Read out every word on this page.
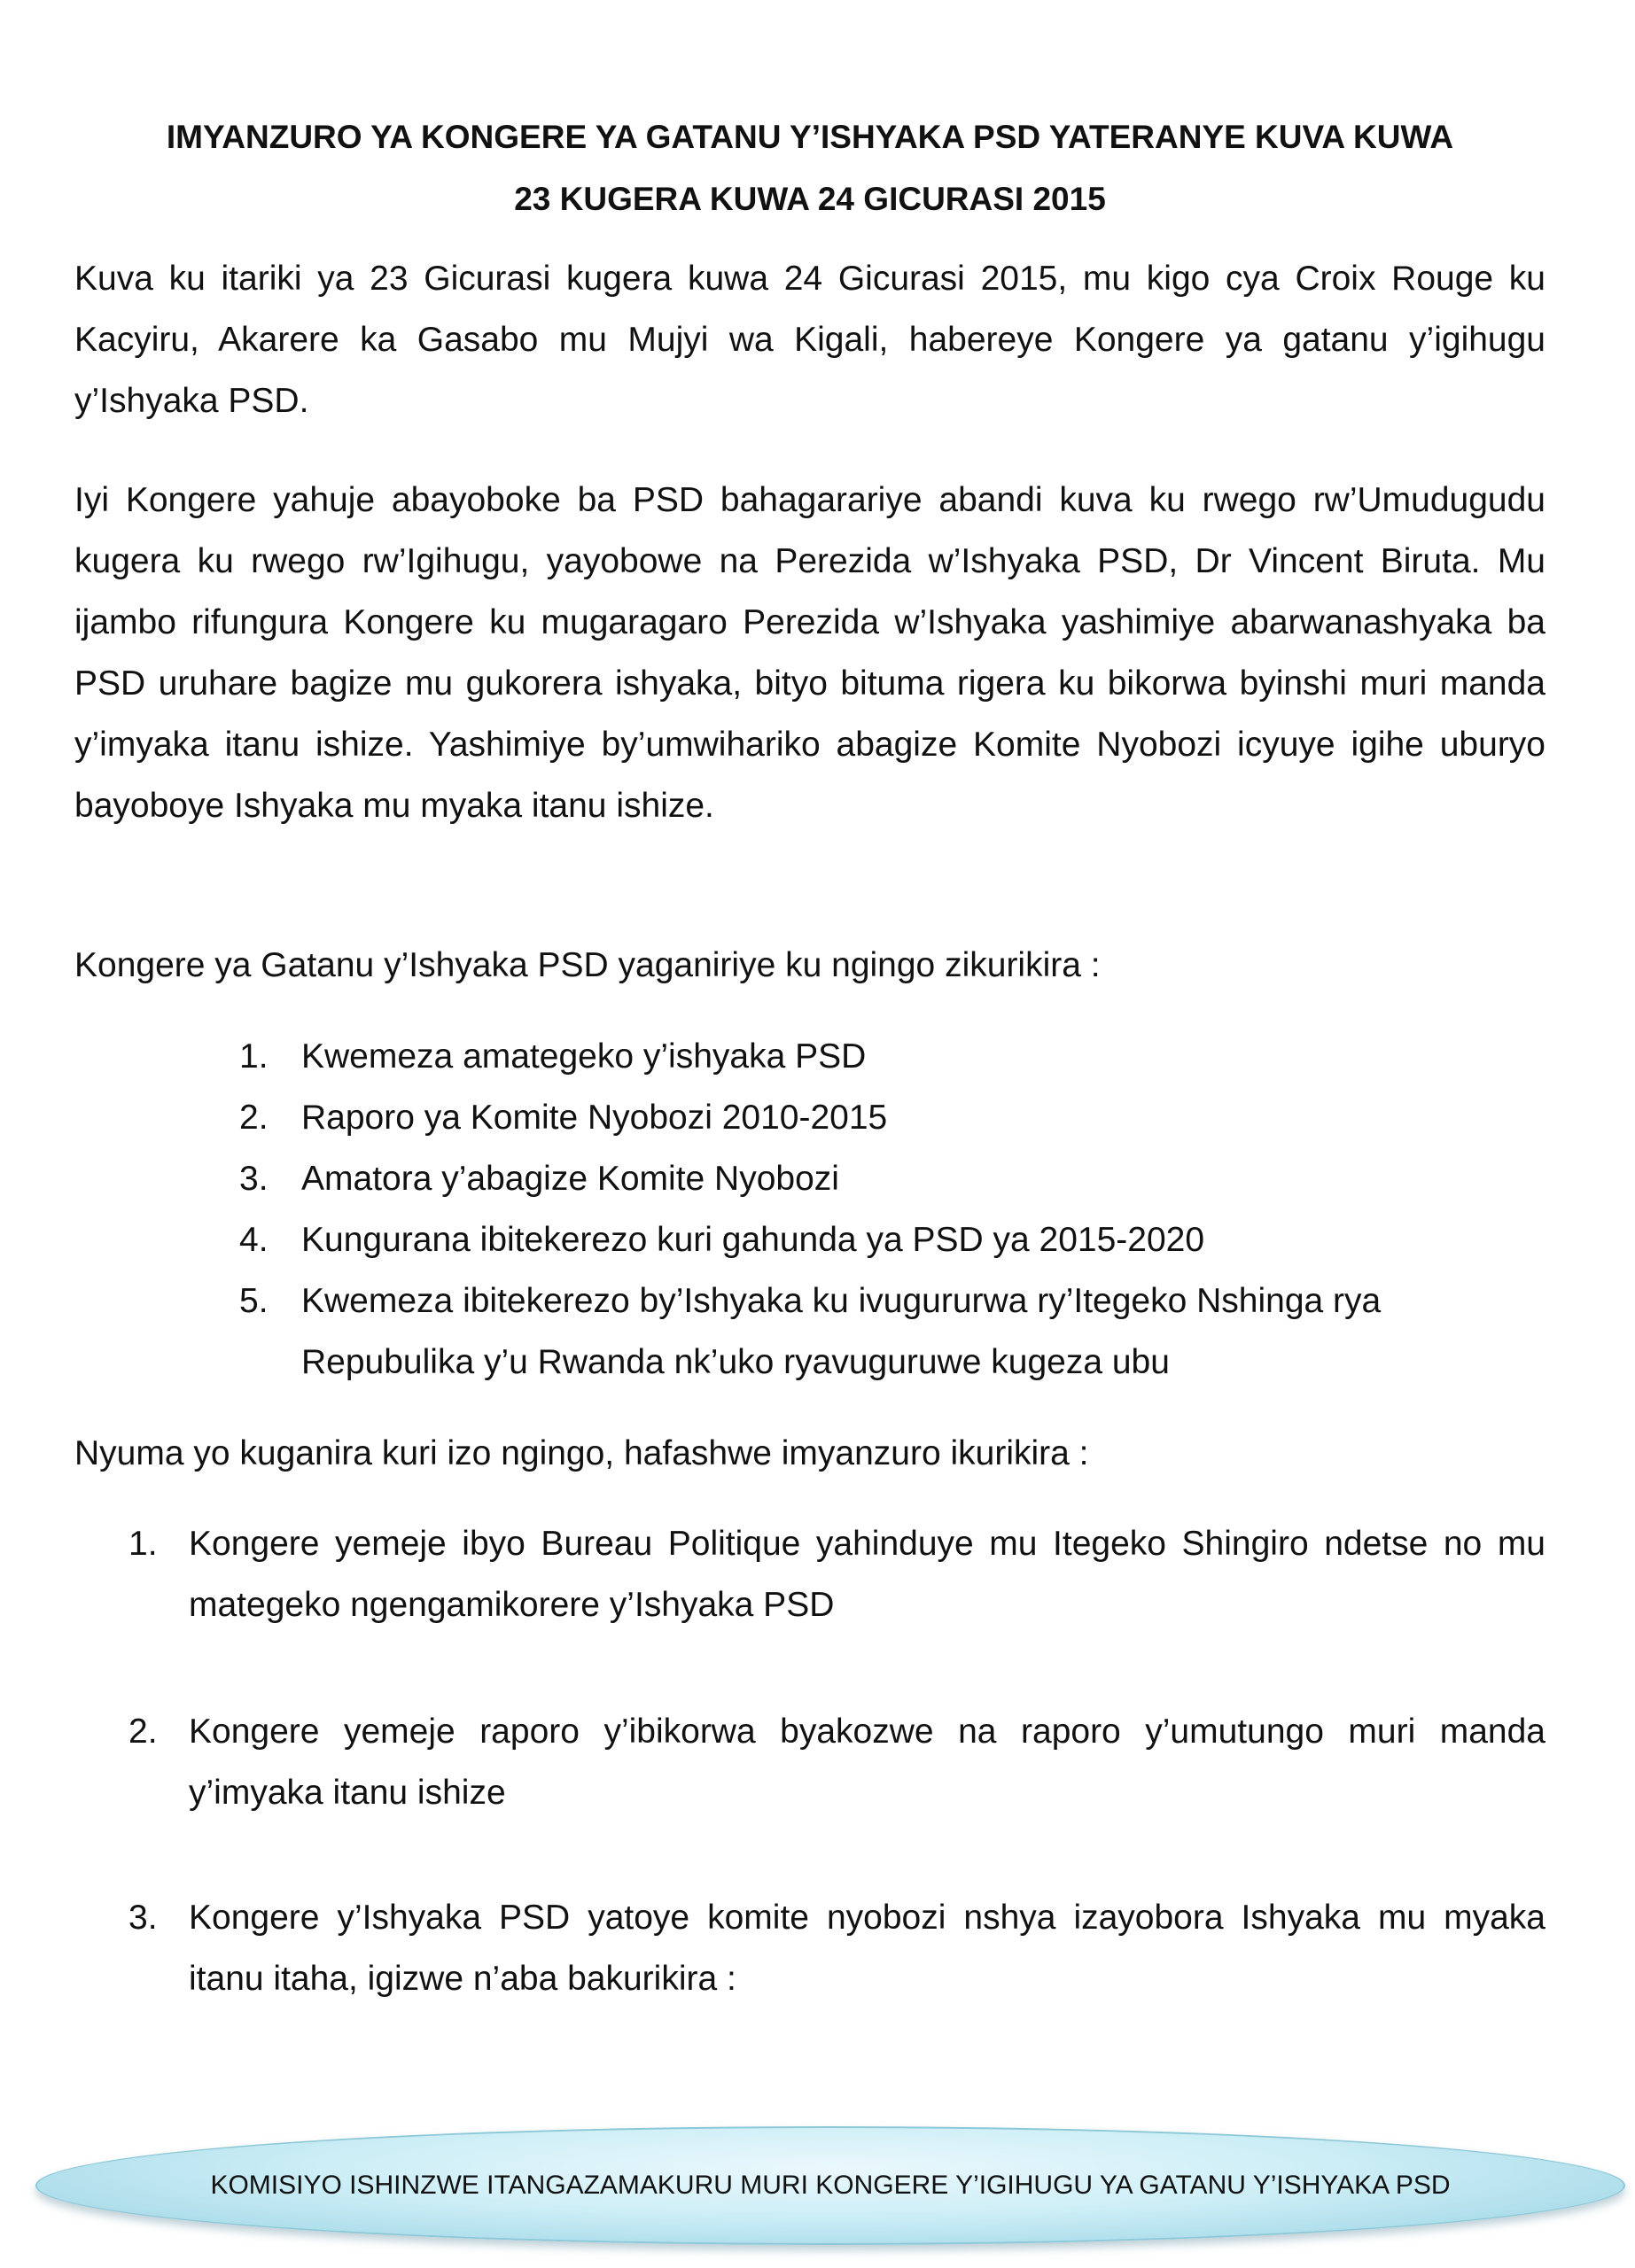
IMYANZURO YA KONGERE YA GATANU Y’ISHYAKA PSD YATERANYE KUVA KUWA
23 KUGERA KUWA 24 GICURASI 2015

Kuva ku itariki ya 23 Gicurasi kugera kuwa 24 Gicurasi 2015, mu kigo cya Croix Rouge ku Kacyiru, Akarere ka Gasabo mu Mujyi wa Kigali, habereye Kongere ya gatanu y’igihugu y’Ishyaka PSD.

Iyi Kongere yahuje abayoboke ba PSD bahagarariye abandi kuva ku rwego rw’Umudugudu kugera ku rwego rw’Igihugu, yayobowe na Perezida w’Ishyaka PSD, Dr Vincent Biruta. Mu ijambo rifungura Kongere ku mugaragaro Perezida w’Ishyaka yashimiye abarwanashyaka ba PSD uruhare bagize mu gukorera ishyaka, bityo bituma rigera ku bikorwa byinshi muri manda y’imyaka itanu ishize. Yashimiye by’umwihariko abagize Komite Nyobozi icyuye igihe uburyo bayoboye Ishyaka mu myaka itanu ishize.

Kongere ya Gatanu y’Ishyaka PSD yaganiriye ku ngingo zikurikira :

1. Kwemeza amategeko y’ishyaka PSD
2. Raporo ya Komite Nyobozi 2010-2015
3. Amatora y’abagize Komite Nyobozi
4. Kungurana ibitekerezo kuri gahunda ya PSD ya 2015-2020
5. Kwemeza ibitekerezo by’Ishyaka ku ivugururwa ry’Itegeko Nshinga rya Repubulika y’u Rwanda nk’uko ryavuguruwe kugeza ubu

Nyuma yo kuganira kuri izo ngingo, hafashwe imyanzuro ikurikira :

1. Kongere yemeje ibyo Bureau Politique yahinduye mu Itegeko Shingiro ndetse no mu mategeko ngengamikorere y’Ishyaka PSD
2. Kongere yemeje raporo y’ibikorwa byakozwe na raporo y’umutungo muri manda y’imyaka itanu ishize
3. Kongere y’Ishyaka PSD yatoye komite nyobozi nshya izayobora Ishyaka mu myaka itanu itaha, igizwe n’aba bakurikira :
KOMISIYO ISHINZWE ITANGAZAMAKURU MURI KONGERE Y’IGIHUGU YA GATANU Y’ISHYAKA PSD
